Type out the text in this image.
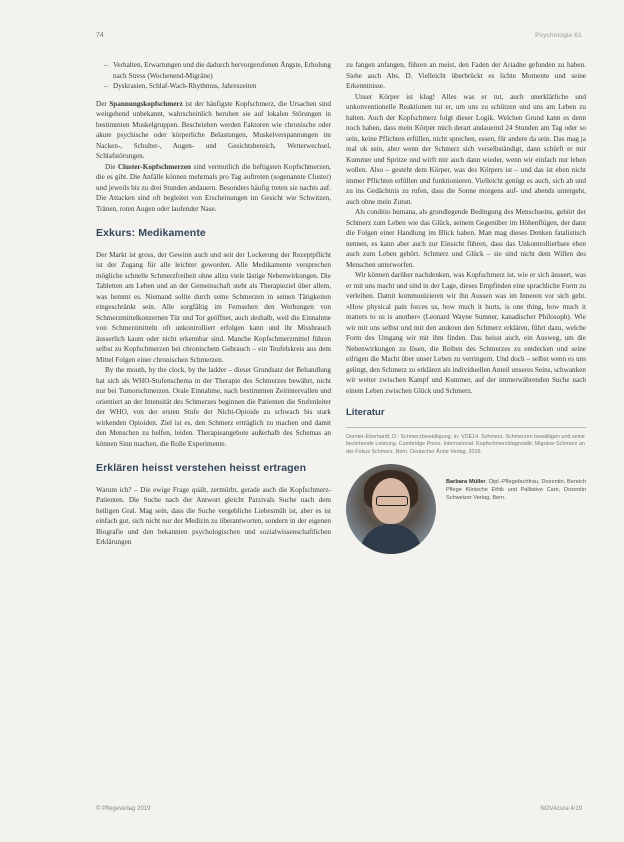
74	Psychologie 61
– Verhalten, Erwartungen und die dadurch hervorgerufenen Ängste, Erholung nach Stress (Wochenend-Migräne)
– Dyskrasien, Schlaf-Wach-Rhythmus, Jahreszeiten

Der Spannungskopfschmerz ist der häufigste Kopfschmerz, die Ursachen sind weitgehend unbekannt, wahrscheinlich beruhen sie auf lokalen Störungen in bestimmten Muskelgruppen. Beschrieben werden Faktoren wie chronische oder akute psychische oder körperliche Belastungen, Muskelverspannungen im Nacken-, Schulter-, Augen- und Gesichtsbereich, Wetterwechsel, Schlafstörungen.

Die Cluster-Kopfschmerzen sind vermutlich die heftigsten Kopfschmerzen, die es gibt. Die Anfälle können mehrmals pro Tag auftreten (sogenannte Cluster) und jeweils bis zu drei Stunden andauern. Besonders häufig treten sie nachts auf. Die Attacken sind oft begleitet von Erscheinungen im Gesicht wie Schwitzen, Tränen, roten Augen oder laufender Nase.

Exkurs: Medikamente

Der Markt ist gross, der Gewinn auch und seit der Lockerung der Rezeptpflicht ist der Zugang für alle leichter geworden. Alle Medikamente versprechen mögliche schnelle Schmerzfreiheit ohne allzu viele lästige Nebenwirkungen. Die Tabletten am Leben und an der Gemeinschaft steht als Therapieziel über allem, was hemmt es. Niemand sollte durch seine Schmerzen in seinen Tätigkeiten eingeschränkt sein. Alle sorgfältig im Fernsehen den Werbungen von Schmerzmittelkonzernen Tür und Tor geöffnet, auch deshalb, weil die Einnahme von Schmerzmitteln oft unkontrolliert erfolgen kann und ihr Missbrauch äusserlich kaum oder nicht erkennbar sind. Manche Kopfschmerzmittel führen selbst zu Kopfschmerzen bei chronischem Gebrauch – ein Teufelskreis aus dem Mittel Folgen einer chronischen Schmerzen.

By the mouth, by the clock, by the ladder – dieser Grundsatz der Behandlung hat sich als WHO-Stufenschema in der Therapie des Schmerzes bewährt, nicht nur bei Tumorschmerzen. Orale Einnahme, nach bestimmten Zeitintervallen und orientiert an der Intensität des Schmerzes beginnen die Patienten die Stufenleiter der WHO, von der ersten Stufe der Nicht-Opioide zu schwach bis stark wirkenden Opioiden. Ziel ist es, den Schmerz erträglich zu machen und damit den Menschen zu helfen, leiden. Therapieangebote außerhalb des Schemas an können Sinn machen, die Rolle Experimente.

Erklären heisst verstehen heisst ertragen

Warum ich? – Die ewige Frage quält, zermürbt, gerade auch die Kopfschmerz-Patienten. Die Suche nach der Antwort gleicht Parzivals Suche nach dem heiligen Gral. Mag sein, dass die Suche vergebliche Liebesmüh ist, aber es ist einfach gut, sich nicht nur der Medizin zu überantworten, sondern in der eigenen Biografie und den bekannten psychologischen und sozialwissenschaftlichen Erklärungen

zu fangen anfangen, führen an meist, den Faden der Ariadne gefunden zu haben. Siehe auch Abs. D. Vielleicht überbrückt es lichte Momente und seine Erkenntnisse.

Unser Körper ist klug! Alles was er tut, auch unerklärliche und unkonventionelle Reaktionen tut er, um uns zu schützen und uns am Leben zu halten. Auch der Kopfschmerz folgt dieser Logik. Welchen Grund kann es denn noch haben, dass mein Körper mich derart andauernd 24 Stunden am Tag oder so sein, keine Pflichten erfüllen, nicht sprechen, essen, für andere da sein. Das mag ja mal ok sein, aber wenn der Schmerz sich verselbständigt, dann schürft er mir Kummer und Spritze und wirft mir auch dann wieder, wenn wir einfach nur leben wollen. Also – gesteht dem Körper, was des Körpers ist – und das ist eben nicht immer Pflichten erfüllen und funktionieren. Vielleicht genügt es auch, sich ab und zu ins Gedächtnis zu rufen, dass die Sonne morgens auf- und abends untergeht, auch ohne mein Zutun.

Als conditio humana, als grundlegende Bedingung des Menschseins, gehört der Schmerz zum Leben wie das Glück, seinem Gegenüber im Höhenflügen, der dann die Folgen einer Handlung im Blick haben. Man mag dieses Denken fatalistisch nennen, es kann aber auch zur Einsicht führen, dass das Unkontrollierbare eben auch zum Leben gehört. Schmerz und Glück – sie sind nicht dem Willen des Menschen unterworfen.

Wir können darüber nachdenken, was Kopfschmerz ist, wie er sich äussert, was er mit uns macht und sind in der Lage, dieses Empfinden eine sprachliche Form zu verleihen. Damit kommunizieren wir ihn Aussen was im Inneren vor sich geht. »How physical pain forces us, how much it hurts, is one thing, how much it matters to us is another« (Leonard Wayne Sumner, kanadischer Philosoph). Wie wir mit uns selbst und mit den anderen den Schmerz erklären, führt dazu, welche Form des Umgang wir mit ihm finden. Das heisst auch, ein Ausweg, um die Nebenwirkungen zu lösen, die Reiben des Schmerzes zu entdecken und seine eifrigen die Macht über unser Leben zu verringern. Und doch – selbst wenn es uns gelingt, den Schmerz zu erklären als individuellen Anteil unseres Seins, schwanken wir weiter zwischen Kampf und Kummer, auf der immerwährenden Suche nach einem Leben zwischen Glück und Schmerz.

Literatur

Dornier-Eberhardt, D.: Schmerzbewältigung. In: VDE14. Schmerz. Schmerzen bewältigen und seine beziehende Leistung. Cambridge Press. International. Kopfschmerzdiagnostik: Migräne-Schmerz an der Fokus Schmerz. Bern. Deutscher Ärzte Verlag. 2016.

Barbara Müller, Dipl.-Pflegefachfrau, Dozentin, Bereich Pflege Klinische Ethik und Palliative Care, Dozentin Schweizer Verlag, Bern.
© Pflegeverlag 2019	NOVAcura 4/19
